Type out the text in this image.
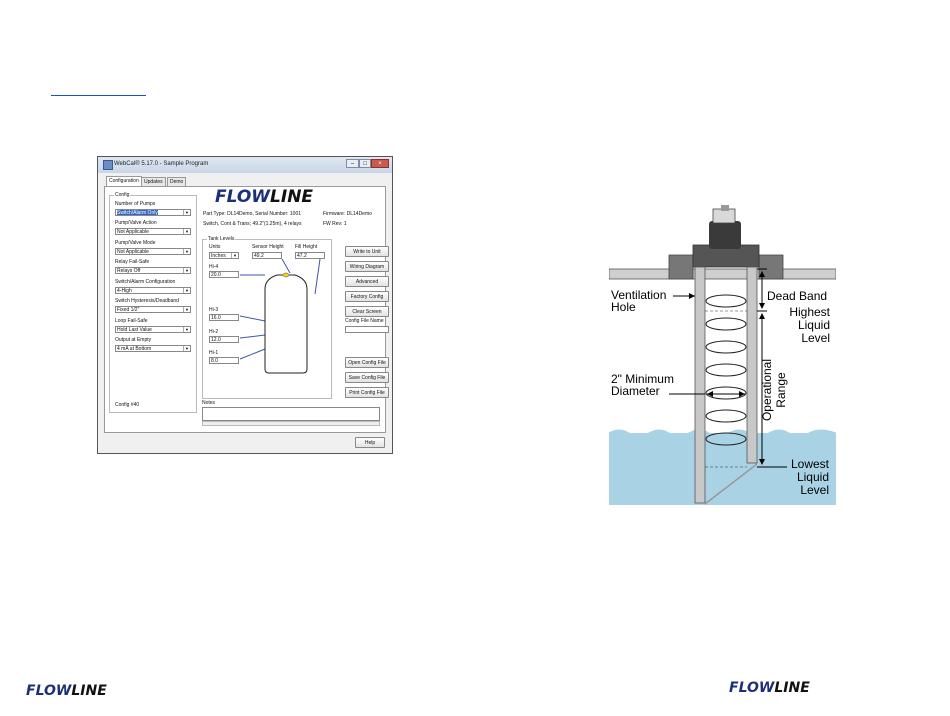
WebCal® 5.17.0 - Sample Program	–	□	×
Configuration	Updates	Demo
Config
Number of Pumps
Switch/Alarm Only	▼
Pump/Valve Action
Not Applicable	▼
Pump/Valve Mode
Not Applicable	▼
Relay Fail-Safe
Relays Off	▼
Switch/Alarm Configuration
4-High	▼
Switch Hysteresis/Deadband
Fixed 1/2"	▼
Loop Fail-Safe
Hold Last Value	▼
Output at Empty
4 mA at Bottom	▼
Config #40
FLOWLINE
Part Type: DL14Demo, Serial Number: 1001	Firmware: DL14Demo
Switch, Cont & Trans; 49.2"(1.25m), 4 relays	FW Rev: 1
Tank Levels
Units
Inches	▼
Sensor Height
49.2
Fill Height
47.2
Hi-4
20.0
Hi-3
16.0
Hi-2
12.0
Hi-1
8.0
Write to Unit
Wiring Diagram
Advanced
Factory Config
Clear Screen
Config File Name
Open Config File
Save Config File
Print Config File
Notes
Help
Ventilation
Hole
Dead Band
Highest
Liquid
Level
2" Minimum
Diameter	Operational Range
Lowest
Liquid
Level
FLOWLINE	FLOWLINE
